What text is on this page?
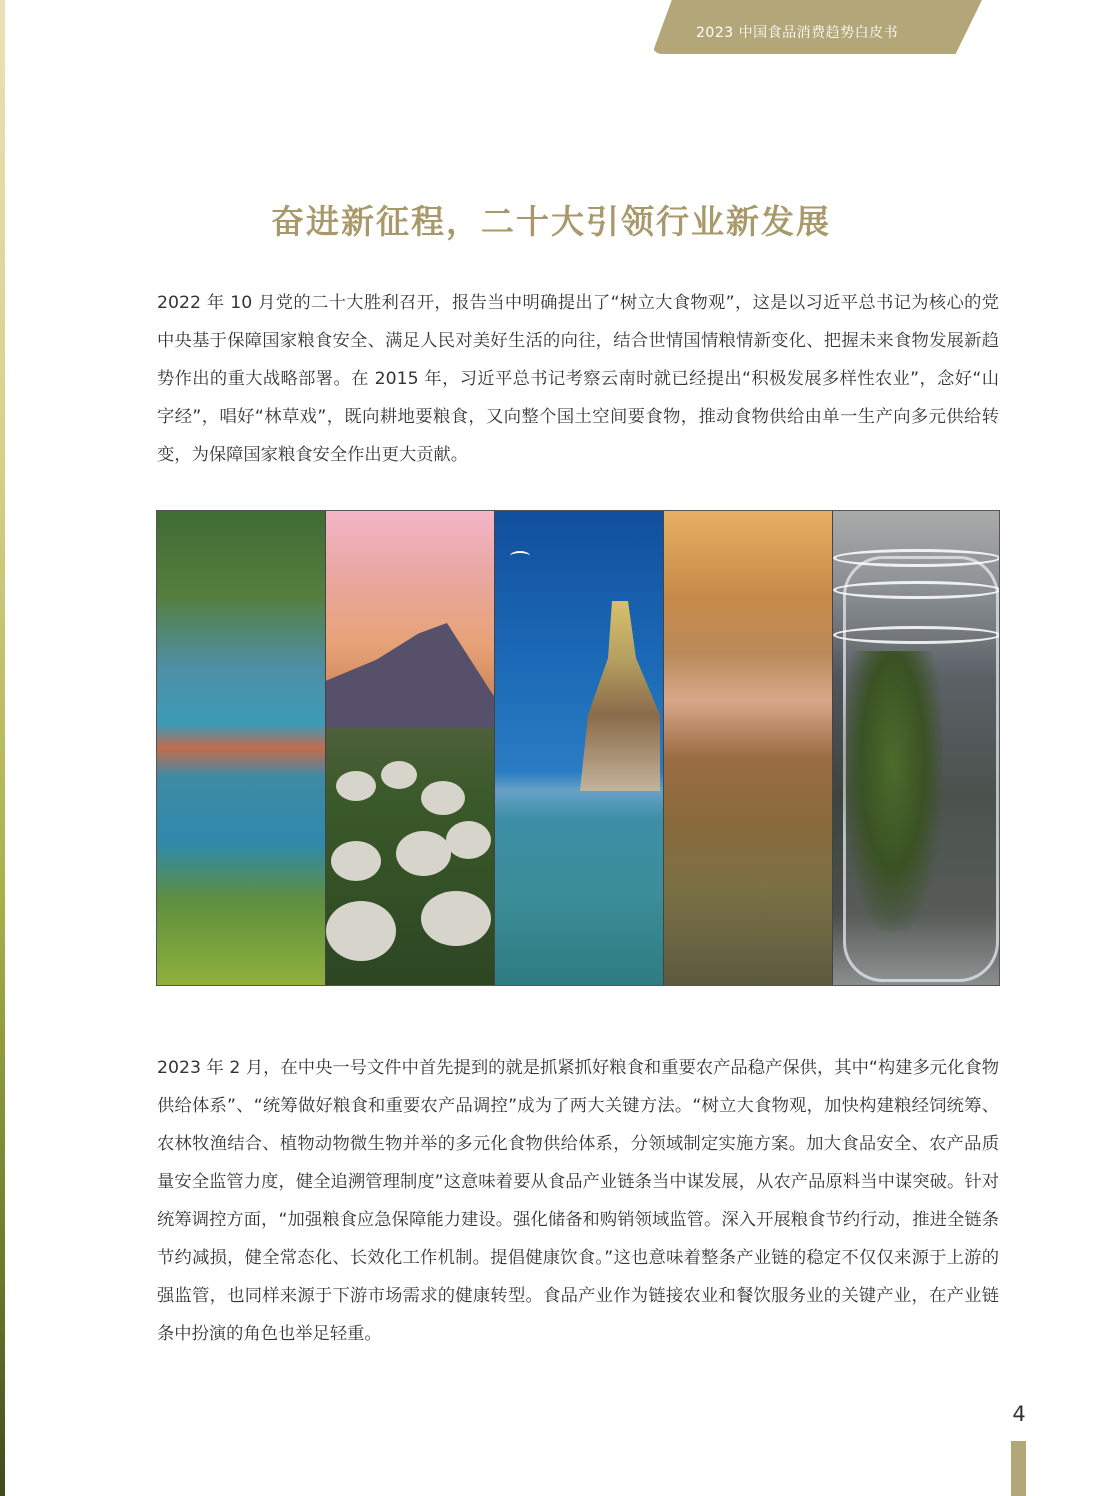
2023 中国食品消费趋势白皮书
奋进新征程，二十大引领行业新发展

2022 年 10 月党的二十大胜利召开，报告当中明确提出了“树立大食物观”，这是以习近平总书记为核心的党中央基于保障国家粮食安全、满足人民对美好生活的向往，结合世情国情粮情新变化、把握未来食物发展新趋势作出的重大战略部署。在 2015 年，习近平总书记考察云南时就已经提出“积极发展多样性农业”，念好“山字经”，唱好“林草戏”，既向耕地要粮食，又向整个国土空间要食物，推动食物供给由单一生产向多元供给转变，为保障国家粮食安全作出更大贡献。

2023 年 2 月，在中央一号文件中首先提到的就是抓紧抓好粮食和重要农产品稳产保供，其中“构建多元化食物供给体系”、“统筹做好粮食和重要农产品调控”成为了两大关键方法。“树立大食物观，加快构建粮经饲统筹、农林牧渔结合、植物动物微生物并举的多元化食物供给体系，分领域制定实施方案。加大食品安全、农产品质量安全监管力度，健全追溯管理制度”这意味着要从食品产业链条当中谋发展，从农产品原料当中谋突破。针对统筹调控方面，“加强粮食应急保障能力建设。强化储备和购销领域监管。深入开展粮食节约行动，推进全链条节约减损，健全常态化、长效化工作机制。提倡健康饮食。”这也意味着整条产业链的稳定不仅仅来源于上游的强监管，也同样来源于下游市场需求的健康转型。食品产业作为链接农业和餐饮服务业的关键产业，在产业链条中扮演的角色也举足轻重。

4
